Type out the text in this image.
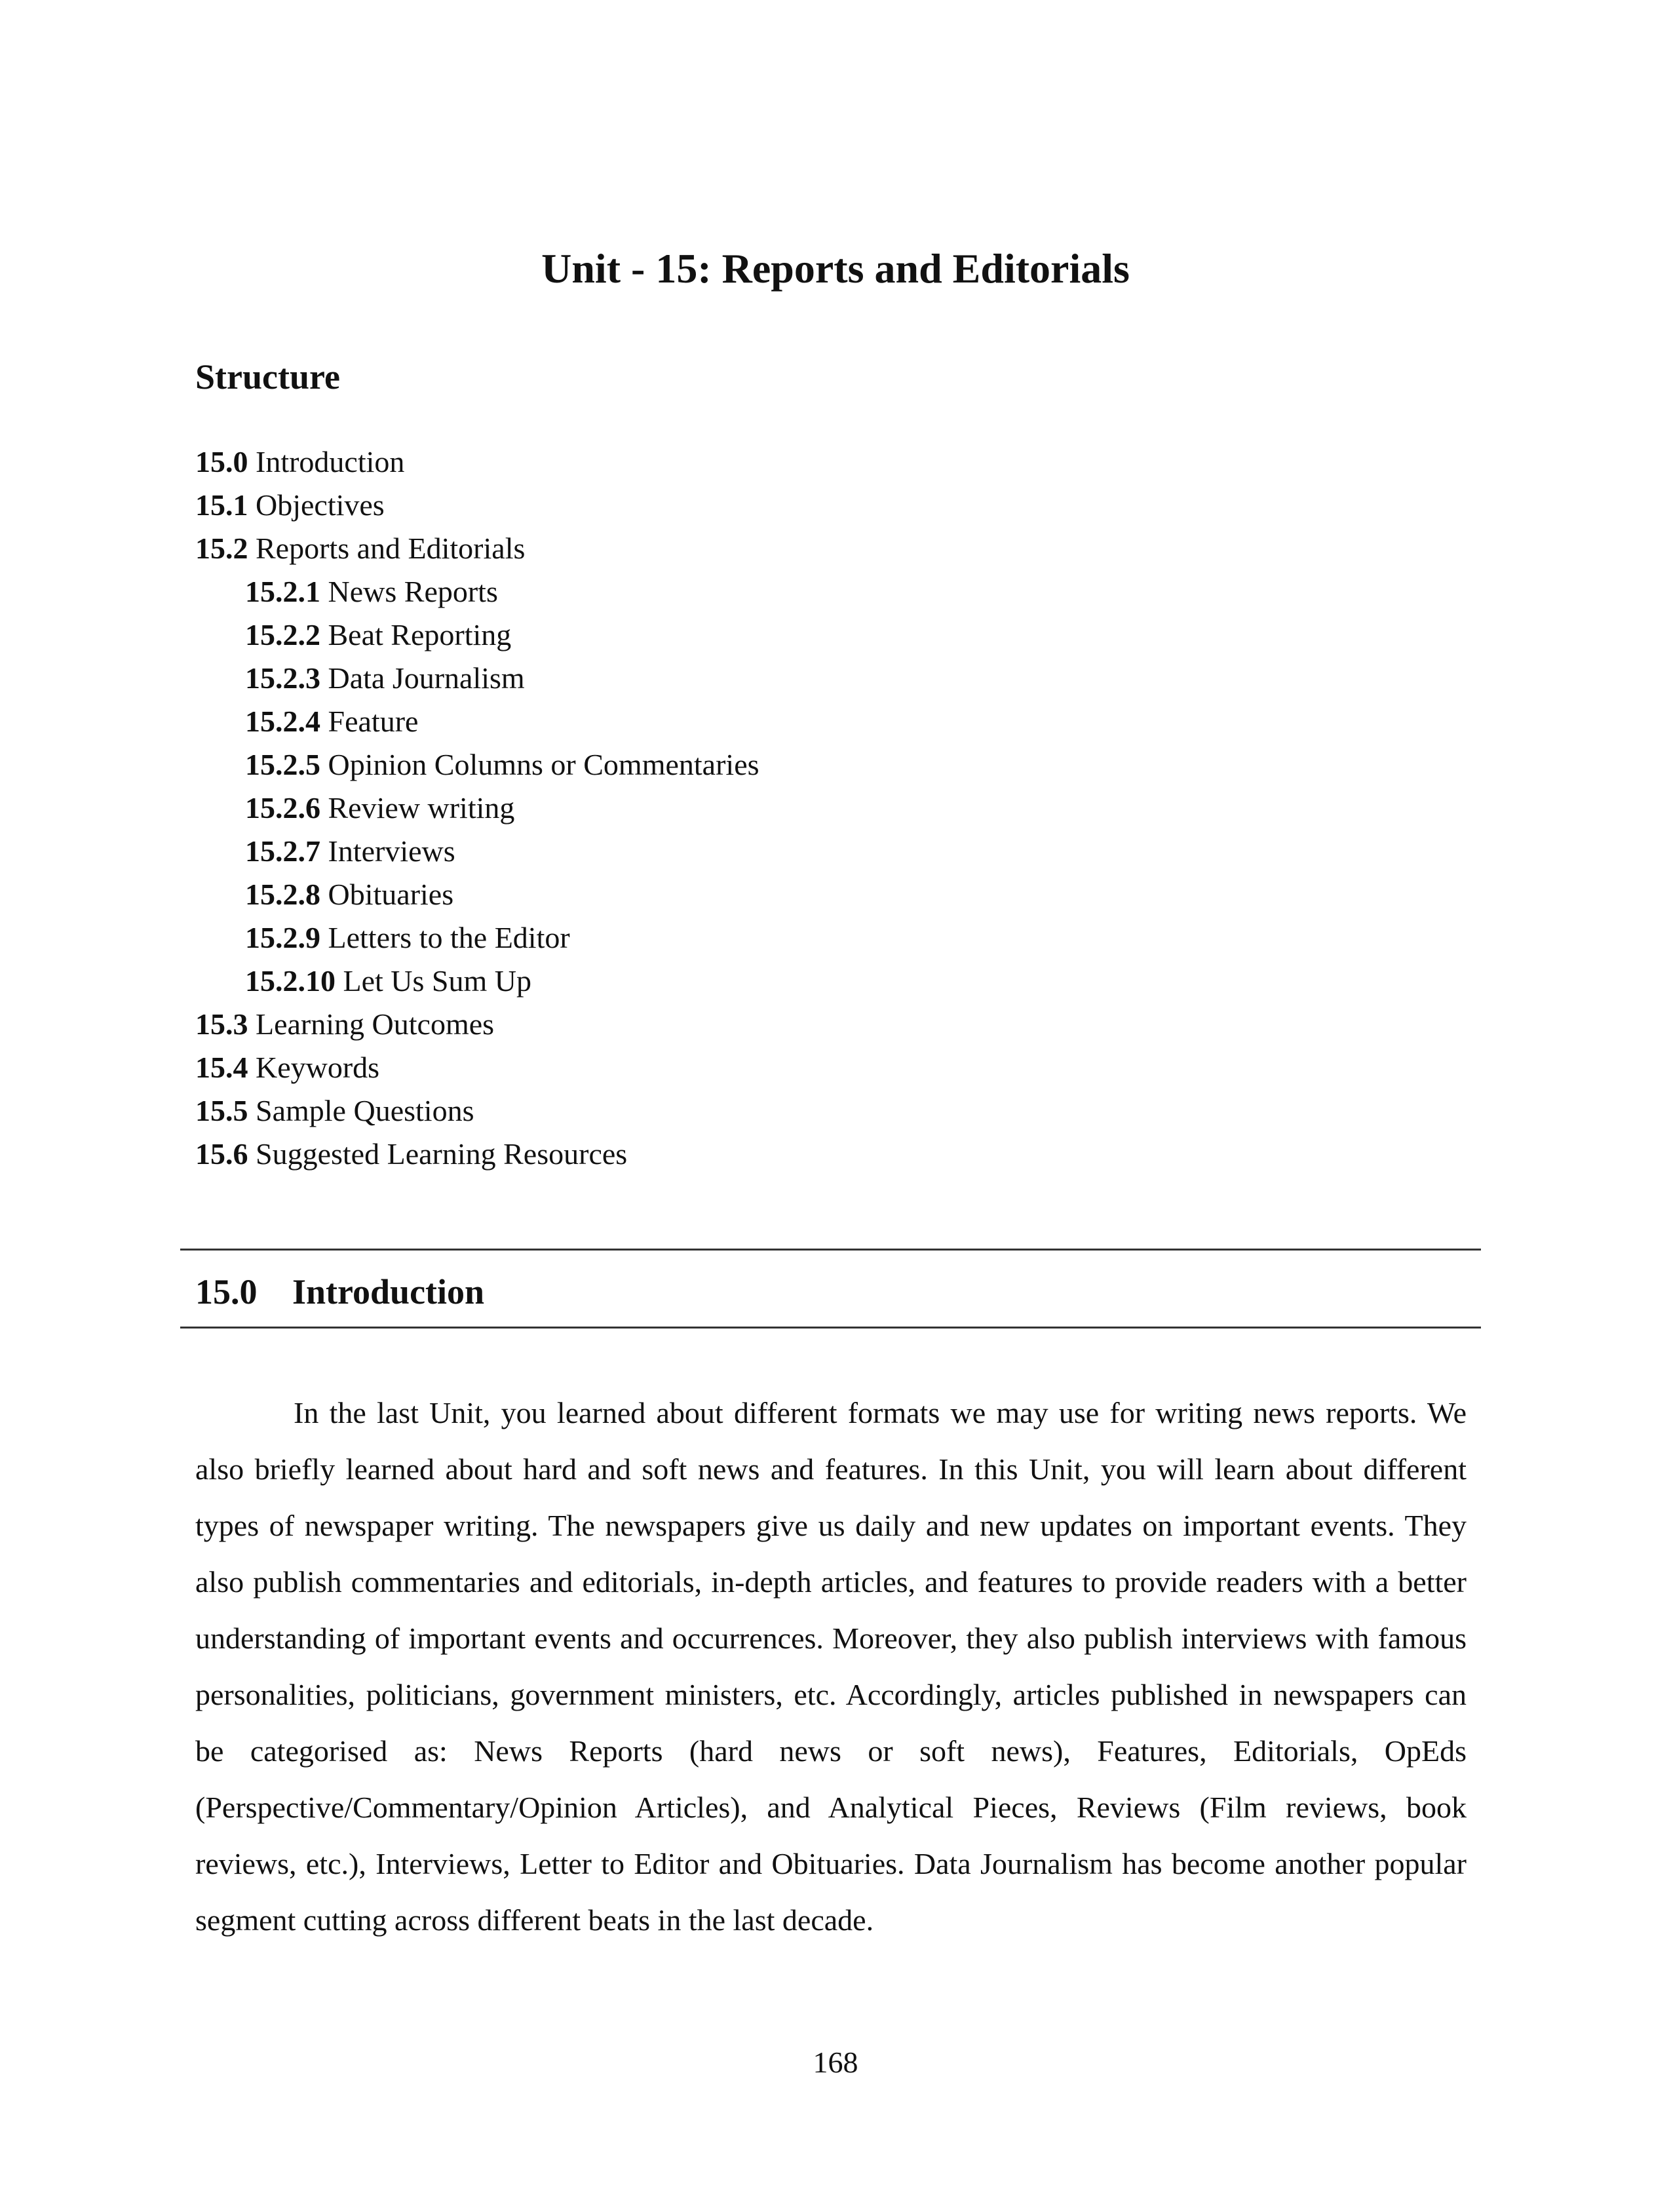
Unit - 15: Reports and Editorials
Structure
15.0 Introduction
15.1 Objectives
15.2 Reports and Editorials
15.2.1 News Reports
15.2.2 Beat Reporting
15.2.3 Data Journalism
15.2.4 Feature
15.2.5 Opinion Columns or Commentaries
15.2.6 Review writing
15.2.7 Interviews
15.2.8 Obituaries
15.2.9 Letters to the Editor
15.2.10 Let Us Sum Up
15.3 Learning Outcomes
15.4 Keywords
15.5 Sample Questions
15.6 Suggested Learning Resources
15.0 Introduction

In the last Unit, you learned about different formats we may use for writing news reports. We also briefly learned about hard and soft news and features. In this Unit, you will learn about different types of newspaper writing. The newspapers give us daily and new updates on important events. They also publish commentaries and editorials, in-depth articles, and features to provide readers with a better understanding of important events and occurrences. Moreover, they also publish interviews with famous personalities, politicians, government ministers, etc. Accordingly, articles published in newspapers can be categorised as: News Reports (hard news or soft news), Features, Editorials, OpEds (Perspective/Commentary/Opinion Articles), and Analytical Pieces, Reviews (Film reviews, book reviews, etc.), Interviews, Letter to Editor and Obituaries. Data Journalism has become another popular segment cutting across different beats in the last decade.

168
